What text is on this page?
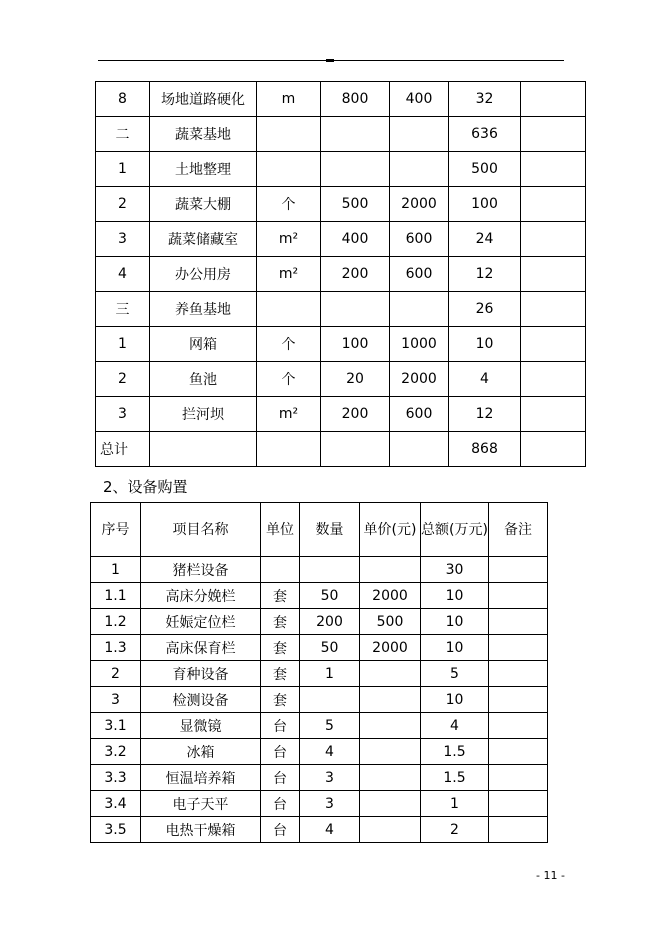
8	场地道路硬化	m	800	400	32	
二	蔬菜基地				636	
1	土地整理				500	
2	蔬菜大棚	个	500	2000	100	
3	蔬菜储藏室	m²	400	600	24	
4	办公用房	m²	200	600	12	
三	养鱼基地				26	
1	网箱	个	100	1000	10	
2	鱼池	个	20	2000	4	
3	拦河坝	m²	200	600	12	
总计					868	

2、设备购置

序号	项目名称	单位	数量	单价(元)	总额(万元)	备注
1	猪栏设备				30	
1.1	高床分娩栏	套	50	2000	10	
1.2	妊娠定位栏	套	200	500	10	
1.3	高床保育栏	套	50	2000	10	
2	育种设备	套	1		5	
3	检测设备	套			10	
3.1	显微镜	台	5		4	
3.2	冰箱	台	4		1.5	
3.3	恒温培养箱	台	3		1.5	
3.4	电子天平	台	3		1	
3.5	电热干燥箱	台	4		2	
- 11 -
